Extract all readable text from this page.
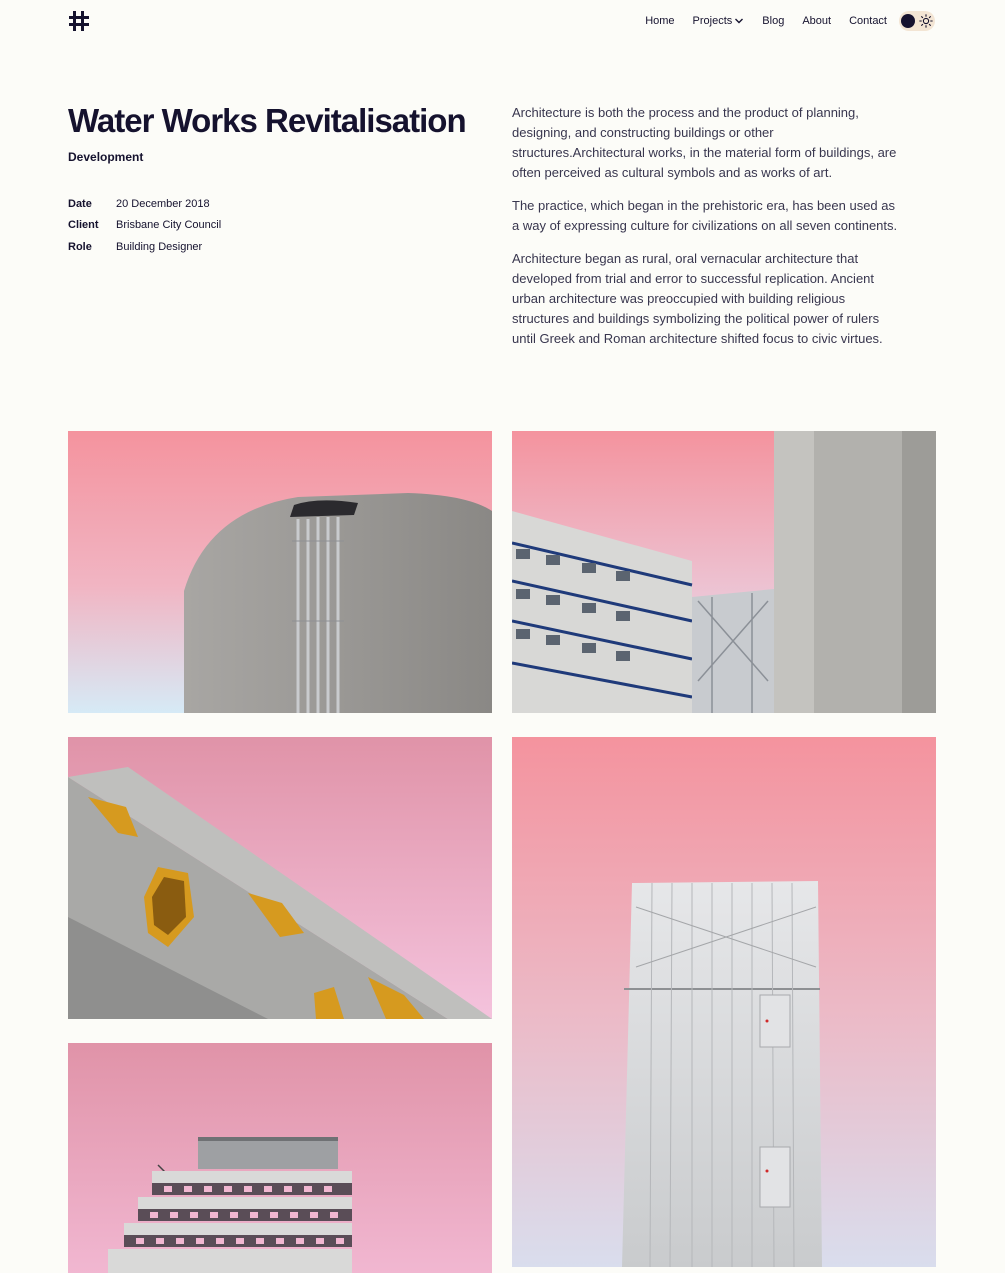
Home Projects	Blog About Contact
Water Works Revitalisation
Development
Date	20 December 2018
Client	Brisbane City Council
Role	Building Designer

Architecture is both the process and the product of planning, designing, and constructing buildings or other structures.Architectural works, in the material form of buildings, are often perceived as cultural symbols and as works of art.

The practice, which began in the prehistoric era, has been used as a way of expressing culture for civilizations on all seven continents.

Architecture began as rural, oral vernacular architecture that developed from trial and error to successful replication. Ancient urban architecture was preoccupied with building religious structures and buildings symbolizing the political power of rulers until Greek and Roman architecture shifted focus to civic virtues.
